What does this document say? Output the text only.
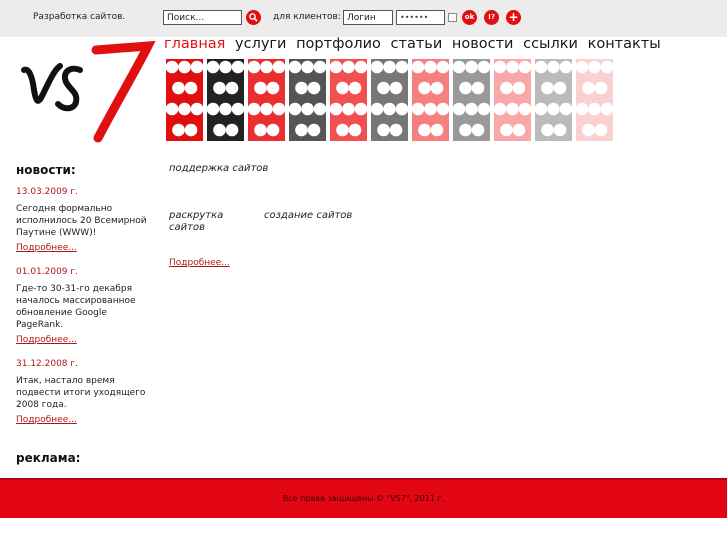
Разработка сайтов.
Поиск...	для клиентов:
Логин	••••••	ok	!?	+
главная услуги портфолио статьи новости ссылки контакты
новости:
13.03.2009 г.
Сегодня формально исполнилось 20 Всемирной Паутине (WWW)!
Подробнее...
01.01.2009 г.
Где-то 30-31-го декабря началось массированное обновление Google PageRank.
Подробнее...
31.12.2008 г.
Итак, настало время подвести итоги уходящего 2008 года.
Подробнее...
реклама:
поддержка сайтов
раскрутка сайтов
создание сайтов
Подробнее...
Все права защищены © "VS7", 2011 г.
